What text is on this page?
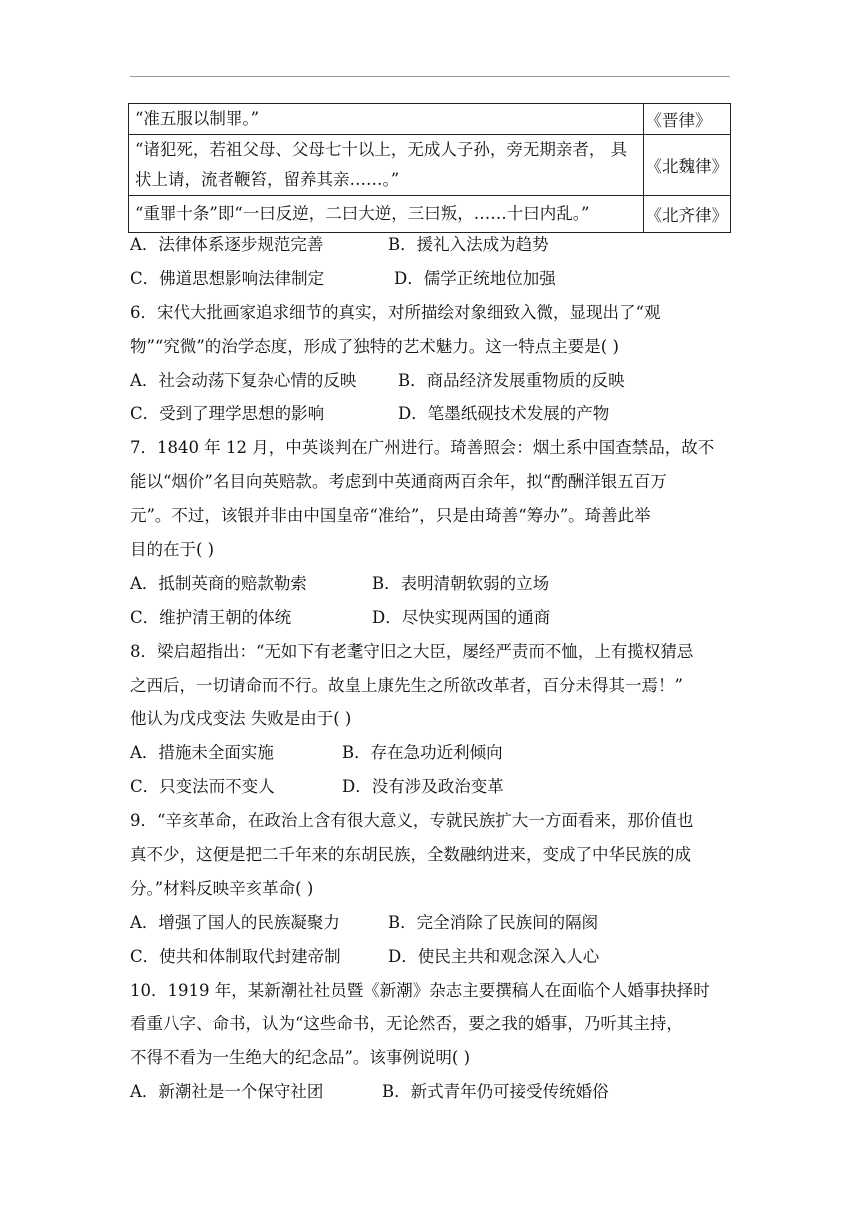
“准五服以制罪。”	《晋律》

“诸犯死，若祖父母、父母七十以上，无成人子孙，旁无期亲者， 具
状上请，流者鞭笞，留养其亲……。”	《北魏律》
“重罪十条”即“一曰反逆，二曰大逆，三曰叛，……十曰内乱。”	《北齐律》
A．法律体系逐步规范完善	B．援礼入法成为趋势
C．佛道思想影响法律制定	D．儒学正统地位加强
6．宋代大批画家追求细节的真实，对所描绘对象细致入微，显现出了“观
物”“究微”的治学态度，形成了独特的艺术魅力。这一特点主要是( )
A．社会动荡下复杂心情的反映	B．商品经济发展重物质的反映
C．受到了理学思想的影响	D．笔墨纸砚技术发展的产物
7．1840 年 12 月，中英谈判在广州进行。琦善照会：烟土系中国查禁品，故不
能以“烟价”名目向英赔款。考虑到中英通商两百余年，拟“酌酬洋银五百万
元”。不过，该银并非由中国皇帝“准给”，只是由琦善“筹办”。琦善此举
目的在于( )
A．抵制英商的赔款勒索	B．表明清朝软弱的立场
C．维护清王朝的体统	D．尽快实现两国的通商
8．梁启超指出：“无如下有老耄守旧之大臣，屡经严责而不恤，上有揽权猜忌
之西后，一切请命而不行。故皇上康先生之所欲改革者，百分未得其一焉！”
他认为戊戌变法 失败是由于( )
A．措施未全面实施	B．存在急功近利倾向
C．只变法而不变人	D．没有涉及政治变革
9．“辛亥革命，在政治上含有很大意义，专就民族扩大一方面看来，那价值也
真不少，这便是把二千年来的东胡民族，全数融纳进来，变成了中华民族的成
分。”材料反映辛亥革命( )
A．增强了国人的民族凝聚力	B．完全消除了民族间的隔阂
C．使共和体制取代封建帝制	D．使民主共和观念深入人心
10．1919 年，某新潮社社员暨《新潮》杂志主要撰稿人在面临个人婚事抉择时
看重八字、命书，认为“这些命书，无论然否，要之我的婚事，乃听其主持，
不得不看为一生绝大的纪念品”。该事例说明( )
A．新潮社是一个保守社团	B．新式青年仍可接受传统婚俗
